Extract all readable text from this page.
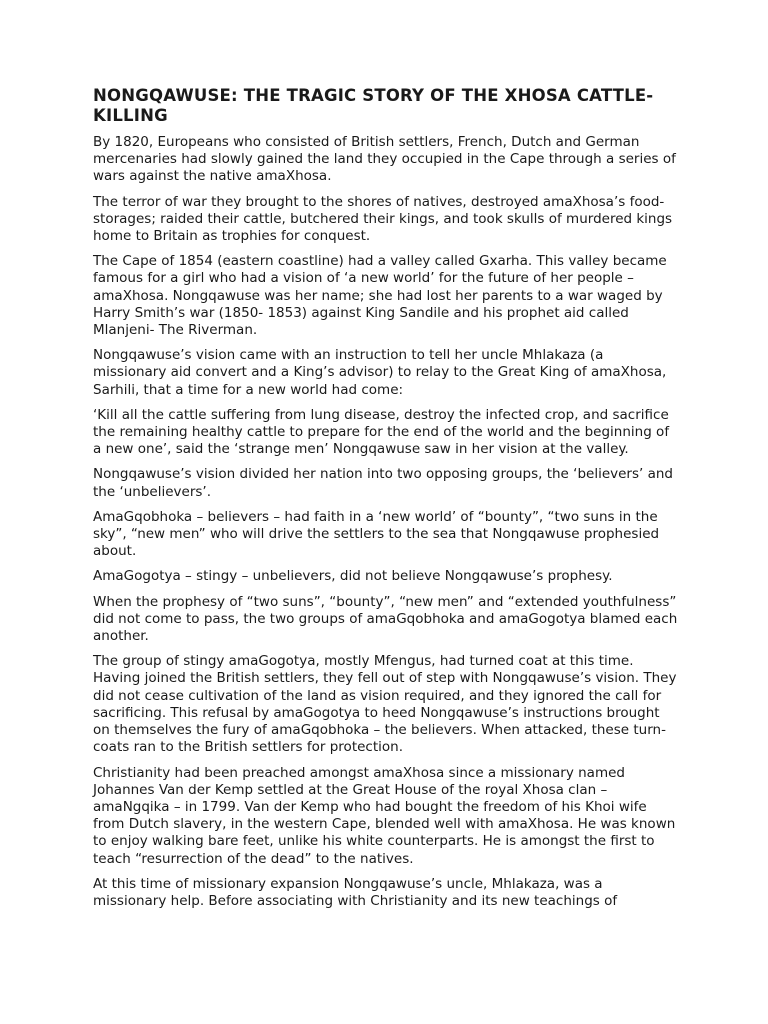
NONGQAWUSE: THE TRAGIC STORY OF THE XHOSA CATTLE-KILLING

By 1820, Europeans who consisted of British settlers, French, Dutch and German mercenaries had slowly gained the land they occupied in the Cape through a series of wars against the native amaXhosa.

The terror of war they brought to the shores of natives, destroyed amaXhosa’s food-storages; raided their cattle, butchered their kings, and took skulls of murdered kings home to Britain as trophies for conquest.

The Cape of 1854 (eastern coastline) had a valley called Gxarha. This valley became famous for a girl who had a vision of ‘a new world’ for the future of her people – amaXhosa. Nongqawuse was her name; she had lost her parents to a war waged by Harry Smith’s war (1850- 1853) against King Sandile and his prophet aid called Mlanjeni- The Riverman.

Nongqawuse’s vision came with an instruction to tell her uncle Mhlakaza (a missionary aid convert and a King’s advisor) to relay to the Great King of amaXhosa, Sarhili, that a time for a new world had come:

‘Kill all the cattle suffering from lung disease, destroy the infected crop, and sacrifice the remaining healthy cattle to prepare for the end of the world and the beginning of a new one’, said the ‘strange men’ Nongqawuse saw in her vision at the valley.

Nongqawuse’s vision divided her nation into two opposing groups, the ‘believers’ and the ‘unbelievers’.

AmaGqobhoka – believers – had faith in a ‘new world’ of “bounty”, “two suns in the sky”, “new men” who will drive the settlers to the sea that Nongqawuse prophesied about.

AmaGogotya – stingy – unbelievers, did not believe Nongqawuse’s prophesy.

When the prophesy of “two suns”, “bounty”, “new men” and “extended youthfulness” did not come to pass, the two groups of amaGqobhoka and amaGogotya blamed each another.

The group of stingy amaGogotya, mostly Mfengus, had turned coat at this time. Having joined the British settlers, they fell out of step with Nongqawuse’s vision. They did not cease cultivation of the land as vision required, and they ignored the call for sacrificing. This refusal by amaGogotya to heed Nongqawuse’s instructions brought on themselves the fury of amaGqobhoka – the believers. When attacked, these turn-coats ran to the British settlers for protection.

Christianity had been preached amongst amaXhosa since a missionary named Johannes Van der Kemp settled at the Great House of the royal Xhosa clan – amaNgqika – in 1799. Van der Kemp who had bought the freedom of his Khoi wife from Dutch slavery, in the western Cape, blended well with amaXhosa. He was known to enjoy walking bare feet, unlike his white counterparts. He is amongst the first to teach “resurrection of the dead” to the natives.

At this time of missionary expansion Nongqawuse’s uncle, Mhlakaza, was a missionary help. Before associating with Christianity and its new teachings of
